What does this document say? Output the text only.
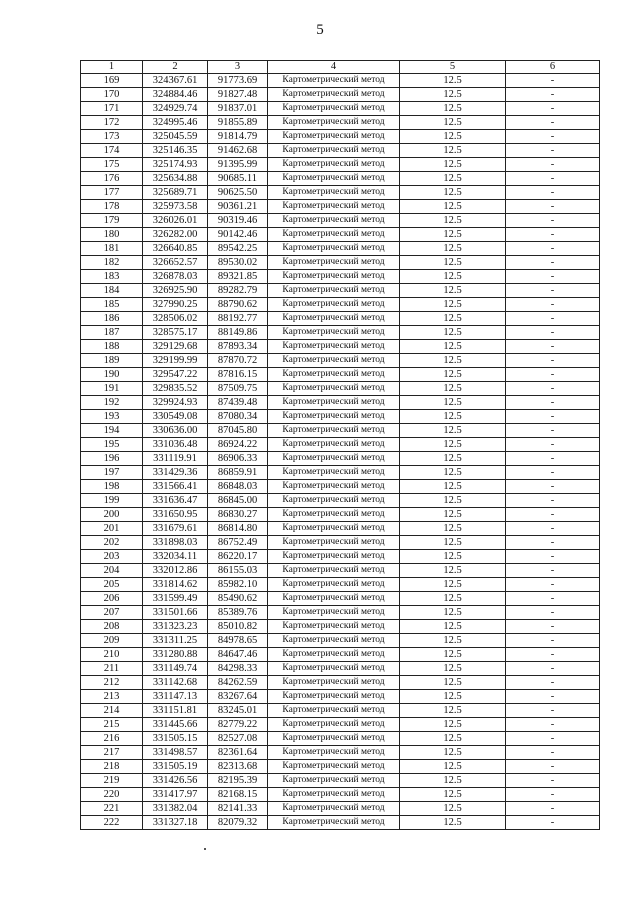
5
1	2	3	4	5	6
169	324367.61	91773.69	Картометрический метод	12.5	-
170	324884.46	91827.48	Картометрический метод	12.5	-
171	324929.74	91837.01	Картометрический метод	12.5	-
172	324995.46	91855.89	Картометрический метод	12.5	-
173	325045.59	91814.79	Картометрический метод	12.5	-
174	325146.35	91462.68	Картометрический метод	12.5	-
175	325174.93	91395.99	Картометрический метод	12.5	-
176	325634.88	90685.11	Картометрический метод	12.5	-
177	325689.71	90625.50	Картометрический метод	12.5	-
178	325973.58	90361.21	Картометрический метод	12.5	-
179	326026.01	90319.46	Картометрический метод	12.5	-
180	326282.00	90142.46	Картометрический метод	12.5	-
181	326640.85	89542.25	Картометрический метод	12.5	-
182	326652.57	89530.02	Картометрический метод	12.5	-
183	326878.03	89321.85	Картометрический метод	12.5	-
184	326925.90	89282.79	Картометрический метод	12.5	-
185	327990.25	88790.62	Картометрический метод	12.5	-
186	328506.02	88192.77	Картометрический метод	12.5	-
187	328575.17	88149.86	Картометрический метод	12.5	-
188	329129.68	87893.34	Картометрический метод	12.5	-
189	329199.99	87870.72	Картометрический метод	12.5	-
190	329547.22	87816.15	Картометрический метод	12.5	-
191	329835.52	87509.75	Картометрический метод	12.5	-
192	329924.93	87439.48	Картометрический метод	12.5	-
193	330549.08	87080.34	Картометрический метод	12.5	-
194	330636.00	87045.80	Картометрический метод	12.5	-
195	331036.48	86924.22	Картометрический метод	12.5	-
196	331119.91	86906.33	Картометрический метод	12.5	-
197	331429.36	86859.91	Картометрический метод	12.5	-
198	331566.41	86848.03	Картометрический метод	12.5	-
199	331636.47	86845.00	Картометрический метод	12.5	-
200	331650.95	86830.27	Картометрический метод	12.5	-
201	331679.61	86814.80	Картометрический метод	12.5	-
202	331898.03	86752.49	Картометрический метод	12.5	-
203	332034.11	86220.17	Картометрический метод	12.5	-
204	332012.86	86155.03	Картометрический метод	12.5	-
205	331814.62	85982.10	Картометрический метод	12.5	-
206	331599.49	85490.62	Картометрический метод	12.5	-
207	331501.66	85389.76	Картометрический метод	12.5	-
208	331323.23	85010.82	Картометрический метод	12.5	-
209	331311.25	84978.65	Картометрический метод	12.5	-
210	331280.88	84647.46	Картометрический метод	12.5	-
211	331149.74	84298.33	Картометрический метод	12.5	-
212	331142.68	84262.59	Картометрический метод	12.5	-
213	331147.13	83267.64	Картометрический метод	12.5	-
214	331151.81	83245.01	Картометрический метод	12.5	-
215	331445.66	82779.22	Картометрический метод	12.5	-
216	331505.15	82527.08	Картометрический метод	12.5	-
217	331498.57	82361.64	Картометрический метод	12.5	-
218	331505.19	82313.68	Картометрический метод	12.5	-
219	331426.56	82195.39	Картометрический метод	12.5	-
220	331417.97	82168.15	Картометрический метод	12.5	-
221	331382.04	82141.33	Картометрический метод	12.5	-
222	331327.18	82079.32	Картометрический метод	12.5	-
